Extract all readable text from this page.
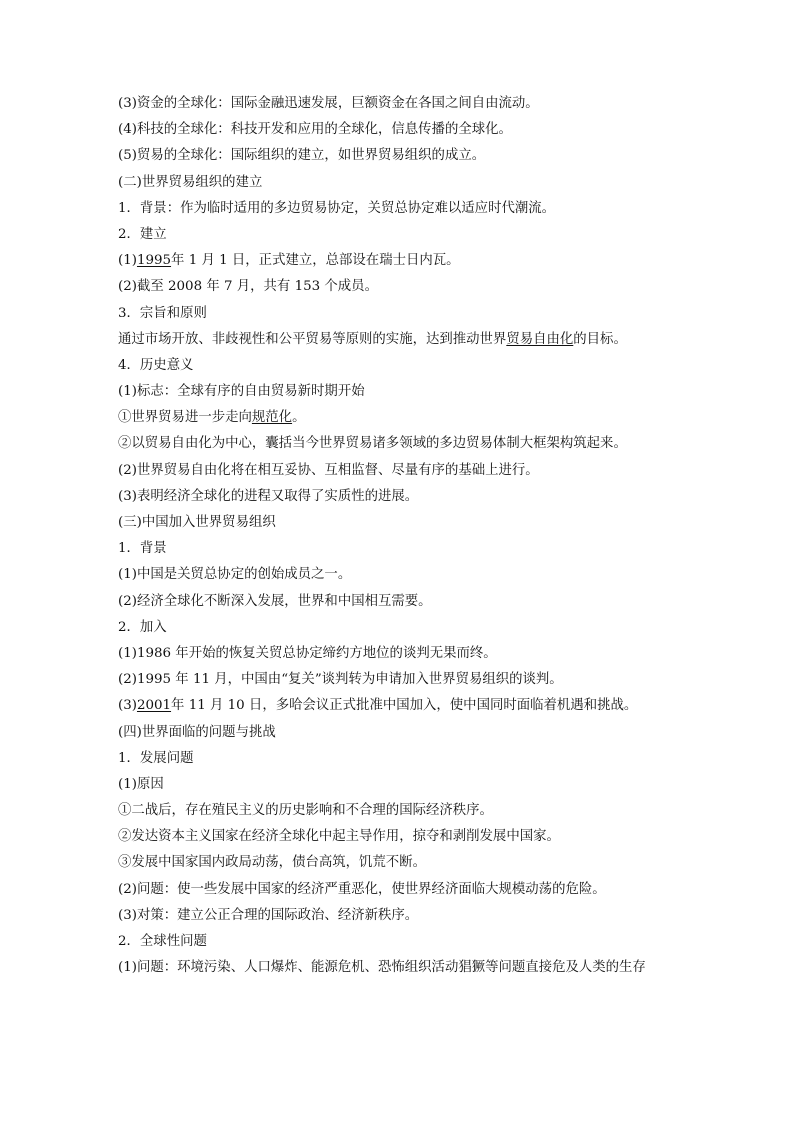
(3)资金的全球化：国际金融迅速发展，巨额资金在各国之间自由流动。
(4)科技的全球化：科技开发和应用的全球化，信息传播的全球化。
(5)贸易的全球化：国际组织的建立，如世界贸易组织的成立。
(二)世界贸易组织的建立
1．背景：作为临时适用的多边贸易协定，关贸总协定难以适应时代潮流。
2．建立
(1)1995年 1 月 1 日，正式建立，总部设在瑞士日内瓦。
(2)截至 2008 年 7 月，共有 153 个成员。
3．宗旨和原则
通过市场开放、非歧视性和公平贸易等原则的实施，达到推动世界贸易自由化的目标。
4．历史意义
(1)标志：全球有序的自由贸易新时期开始
①世界贸易进一步走向规范化。
②以贸易自由化为中心，囊括当今世界贸易诸多领域的多边贸易体制大框架构筑起来。
(2)世界贸易自由化将在相互妥协、互相监督、尽量有序的基础上进行。
(3)表明经济全球化的进程又取得了实质性的进展。
(三)中国加入世界贸易组织
1．背景
(1)中国是关贸总协定的创始成员之一。
(2)经济全球化不断深入发展，世界和中国相互需要。
2．加入
(1)1986 年开始的恢复关贸总协定缔约方地位的谈判无果而终。
(2)1995 年 11 月，中国由“复关”谈判转为申请加入世界贸易组织的谈判。
(3)2001年 11 月 10 日，多哈会议正式批准中国加入，使中国同时面临着机遇和挑战。
(四)世界面临的问题与挑战
1．发展问题
(1)原因
①二战后，存在殖民主义的历史影响和不合理的国际经济秩序。
②发达资本主义国家在经济全球化中起主导作用，掠夺和剥削发展中国家。
③发展中国家国内政局动荡，债台高筑，饥荒不断。
(2)问题：使一些发展中国家的经济严重恶化，使世界经济面临大规模动荡的危险。
(3)对策：建立公正合理的国际政治、经济新秩序。
2．全球性问题
(1)问题：环境污染、人口爆炸、能源危机、恐怖组织活动猖獗等问题直接危及人类的生存
